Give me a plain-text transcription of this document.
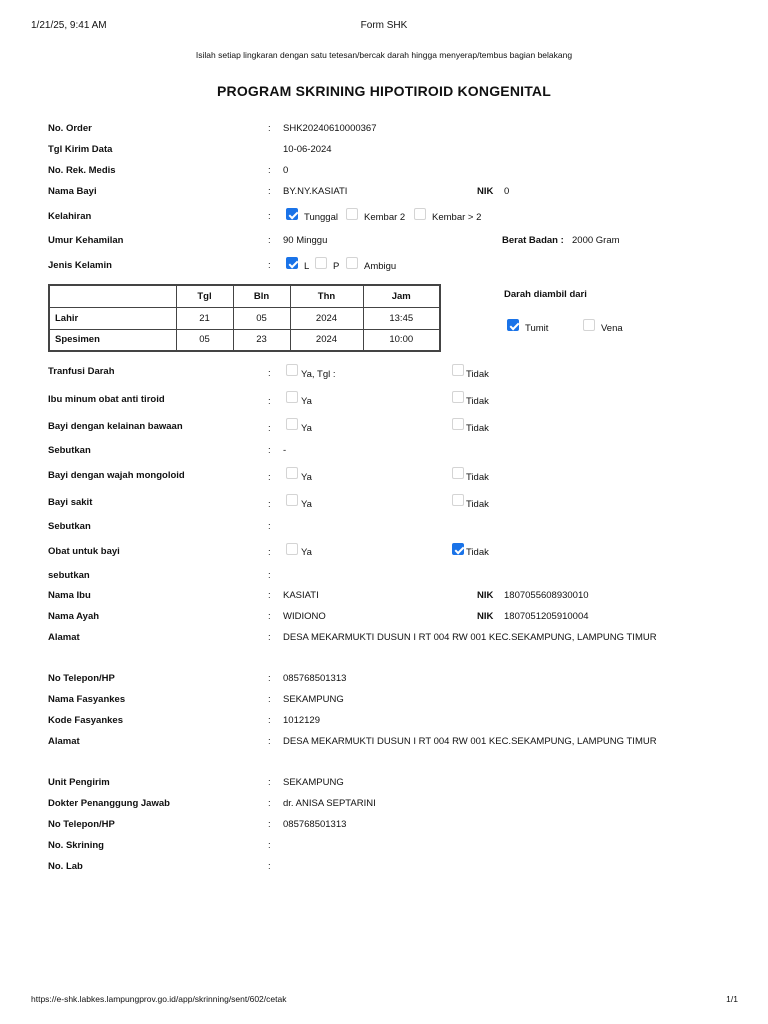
1/21/25, 9:41 AM	Form SHK
Isilah setiap lingkaran dengan satu tetesan/bercak darah hingga menyerap/tembus bagian belakang
PROGRAM SKRINING HIPOTIROID KONGENITAL
No. Order	: SHK20240610000367
Tgl Kirim Data	10-06-2024
No. Rek. Medis	: 0
Nama Bayi	: BY.NY.KASIATI	NIK 0
Kelahiran	:	Tunggal	Kembar 2	Kembar > 2
Umur Kehamilan	: 90 Minggu	Berat Badan : 2000 Gram
Jenis Kelamin	:	L P	Ambigu
	Tgl	Bln	Thn	Jam
Lahir	21	05	2024	13:45
Spesimen	05	23	2024	10:00
Darah diambil dari
Tumit	Vena
Tranfusi Darah	:	Ya, Tgl :	Tidak
Ibu minum obat anti tiroid	:	Ya	Tidak
Bayi dengan kelainan bawaan	:	Ya	Tidak
Sebutkan	: -
Bayi dengan wajah mongoloid	:	Ya	Tidak
Bayi sakit	:	Ya	Tidak
Sebutkan	:
Obat untuk bayi	:	Ya	Tidak
sebutkan	:
Nama Ibu	: KASIATI	NIK 1807055608930010
Nama Ayah	: WIDIONO	NIK 1807051205910004
Alamat	: DESA MEKARMUKTI DUSUN I RT 004 RW 001 KEC.SEKAMPUNG, LAMPUNG TIMUR
No Telepon/HP	: 085768501313
Nama Fasyankes	: SEKAMPUNG
Kode Fasyankes	: 1012129
Alamat	: DESA MEKARMUKTI DUSUN I RT 004 RW 001 KEC.SEKAMPUNG, LAMPUNG TIMUR
Unit Pengirim	: SEKAMPUNG
Dokter Penanggung Jawab	: dr. ANISA SEPTARINI
No Telepon/HP	: 085768501313
No. Skrining	:
No. Lab	:
https://e-shk.labkes.lampungprov.go.id/app/skrinning/sent/602/cetak	1/1
